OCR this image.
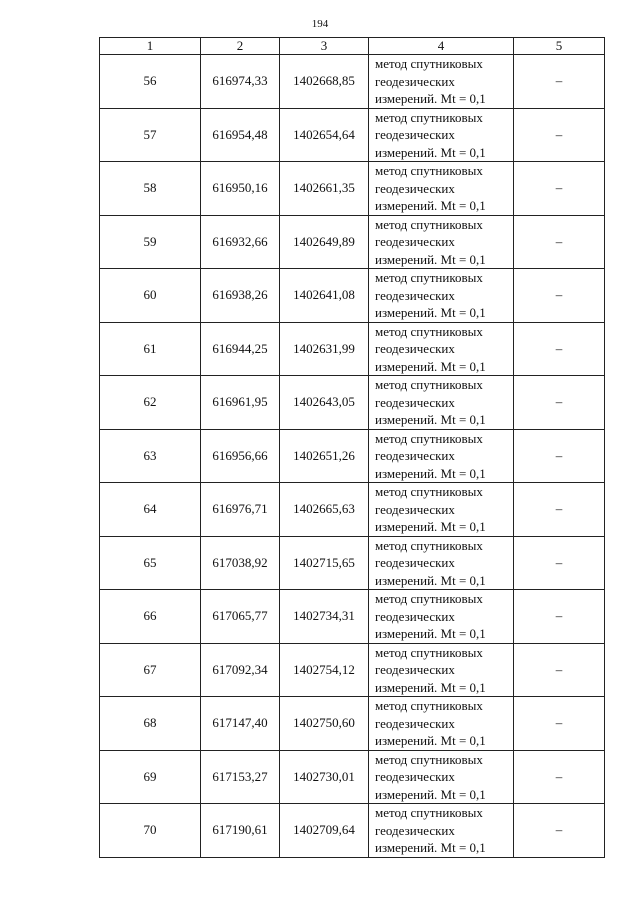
194
1	2	3	4	5
56	616974,33	1402668,85	метод спутниковых
геодезических
измерений. Mt = 0,1	–
57	616954,48	1402654,64	метод спутниковых
геодезических
измерений. Mt = 0,1	–
58	616950,16	1402661,35	метод спутниковых
геодезических
измерений. Mt = 0,1	–
59	616932,66	1402649,89	метод спутниковых
геодезических
измерений. Mt = 0,1	–
60	616938,26	1402641,08	метод спутниковых
геодезических
измерений. Mt = 0,1	–
61	616944,25	1402631,99	метод спутниковых
геодезических
измерений. Mt = 0,1	–
62	616961,95	1402643,05	метод спутниковых
геодезических
измерений. Mt = 0,1	–
63	616956,66	1402651,26	метод спутниковых
геодезических
измерений. Mt = 0,1	–
64	616976,71	1402665,63	метод спутниковых
геодезических
измерений. Mt = 0,1	–
65	617038,92	1402715,65	метод спутниковых
геодезических
измерений. Mt = 0,1	–
66	617065,77	1402734,31	метод спутниковых
геодезических
измерений. Mt = 0,1	–
67	617092,34	1402754,12	метод спутниковых
геодезических
измерений. Mt = 0,1	–
68	617147,40	1402750,60	метод спутниковых
геодезических
измерений. Mt = 0,1	–
69	617153,27	1402730,01	метод спутниковых
геодезических
измерений. Mt = 0,1	–
70	617190,61	1402709,64	метод спутниковых
геодезических
измерений. Mt = 0,1	–
